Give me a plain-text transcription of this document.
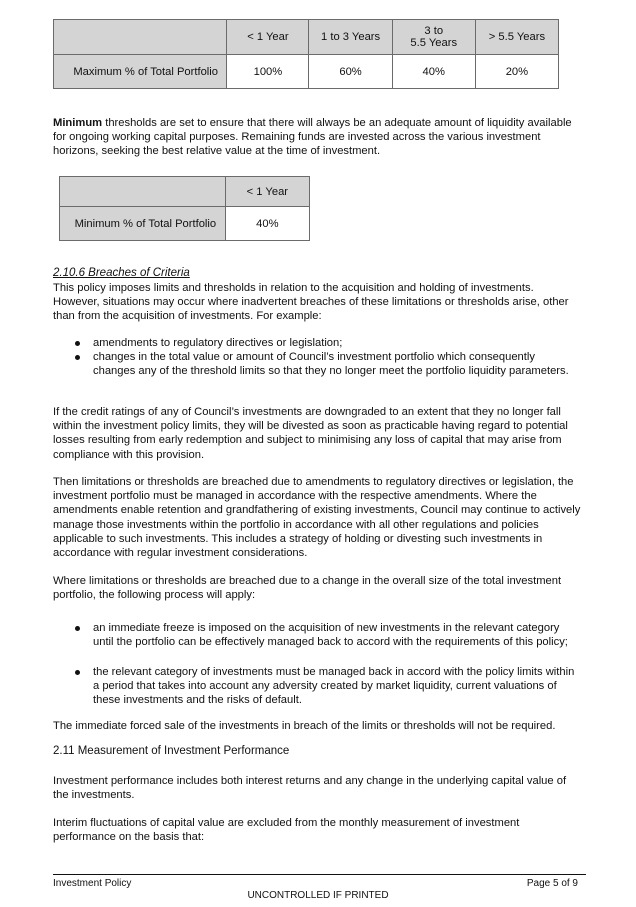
	< 1 Year	1 to 3 Years	3 to
5.5 Years	> 5.5 Years

Maximum % of Total Portfolio	100%	60%	40%	20%

Minimum thresholds are set to ensure that there will always be an adequate amount of liquidity available for ongoing working capital purposes. Remaining funds are invested across the various investment horizons, seeking the best relative value at the time of investment.

	< 1 Year

Minimum % of Total Portfolio	40%
2.10.6 Breaches of Criteria

This policy imposes limits and thresholds in relation to the acquisition and holding of investments. However, situations may occur where inadvertent breaches of these limitations or thresholds arise, other than from the acquisition of investments. For example:

amendments to regulatory directives or legislation;
changes in the total value or amount of Council’s investment portfolio which consequently changes any of the threshold limits so that they no longer meet the portfolio liquidity parameters.

If the credit ratings of any of Council’s investments are downgraded to an extent that they no longer fall within the investment policy limits, they will be divested as soon as practicable having regard to potential losses resulting from early redemption and subject to minimising any loss of capital that may arise from compliance with this provision.

Then limitations or thresholds are breached due to amendments to regulatory directives or legislation, the investment portfolio must be managed in accordance with the respective amendments. Where the amendments enable retention and grandfathering of existing investments, Council may continue to actively manage those investments within the portfolio in accordance with all other regulations and policies applicable to such investments. This includes a strategy of holding or divesting such investments in accordance with regular investment considerations.

Where limitations or thresholds are breached due to a change in the overall size of the total investment portfolio, the following process will apply:

an immediate freeze is imposed on the acquisition of new investments in the relevant category until the portfolio can be effectively managed back to accord with the requirements of this policy;
the relevant category of investments must be managed back in accord with the policy limits within a period that takes into account any adversity created by market liquidity, current valuations of these investments and the risks of default.

The immediate forced sale of the investments in breach of the limits or thresholds will not be required.

2.11 Measurement of Investment Performance

Investment performance includes both interest returns and any change in the underlying capital value of the investments.

Interim fluctuations of capital value are excluded from the monthly measurement of investment performance on the basis that:

Investment Policy	Page 5 of 9
UNCONTROLLED IF PRINTED
